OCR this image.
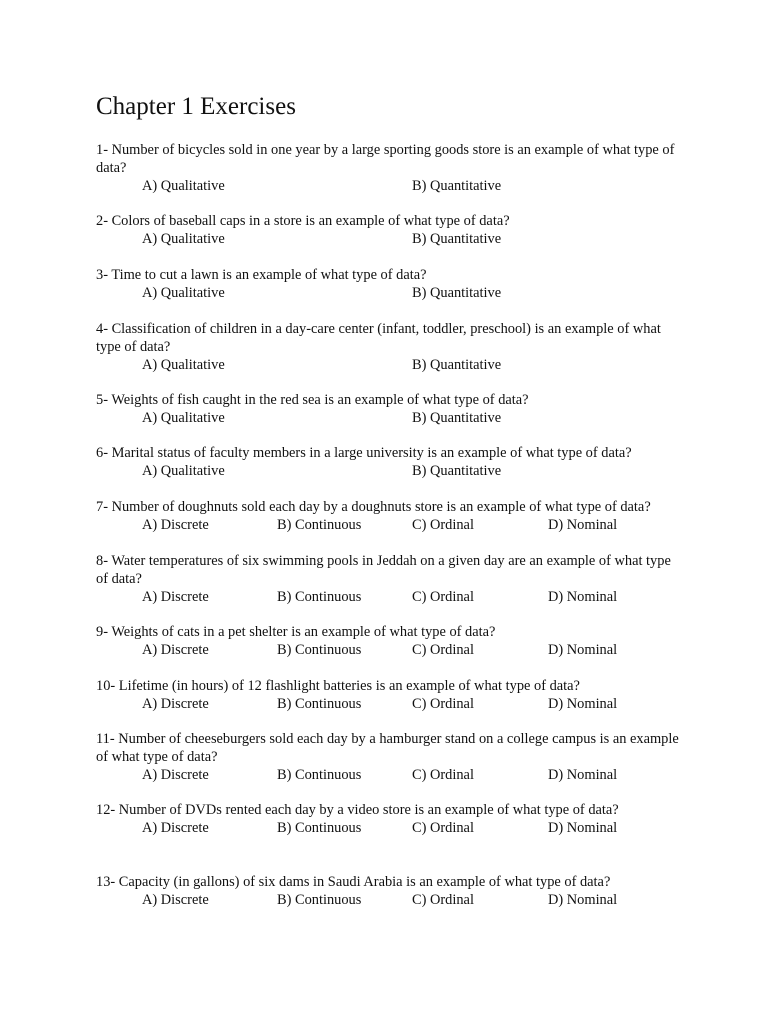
Chapter 1 Exercises
1- Number of bicycles sold in one year by a large sporting goods store is an example of what type of data?
A) Qualitative	B) Quantitative
2- Colors of baseball caps in a store is an example of what type of data?
A) Qualitative	B) Quantitative
3- Time to cut a lawn is an example of what type of data?
A) Qualitative	B) Quantitative
4- Classification of children in a day-care center (infant, toddler, preschool) is an example of what type of data?
A) Qualitative	B) Quantitative
5- Weights of fish caught in the red sea is an example of what type of data?
A) Qualitative	B) Quantitative
6- Marital status of faculty members in a large university is an example of what type of data?
A) Qualitative	B) Quantitative
7- Number of doughnuts sold each day by a doughnuts store is an example of what type of data?
A) Discrete	B) Continuous	C) Ordinal	D) Nominal
8- Water temperatures of six swimming pools in Jeddah on a given day are an example of what type of data?
A) Discrete	B) Continuous	C) Ordinal	D) Nominal
9- Weights of cats in a pet shelter is an example of what type of data?
A) Discrete	B) Continuous	C) Ordinal	D) Nominal
10- Lifetime (in hours) of 12 flashlight batteries is an example of what type of data?
A) Discrete	B) Continuous	C) Ordinal	D) Nominal
11- Number of cheeseburgers sold each day by a hamburger stand on a college campus is an example of what type of data?
A) Discrete	B) Continuous	C) Ordinal	D) Nominal
12- Number of DVDs rented each day by a video store is an example of what type of data?
A) Discrete	B) Continuous	C) Ordinal	D) Nominal
13- Capacity (in gallons) of six dams in Saudi Arabia is an example of what type of data?
A) Discrete	B) Continuous	C) Ordinal	D) Nominal
